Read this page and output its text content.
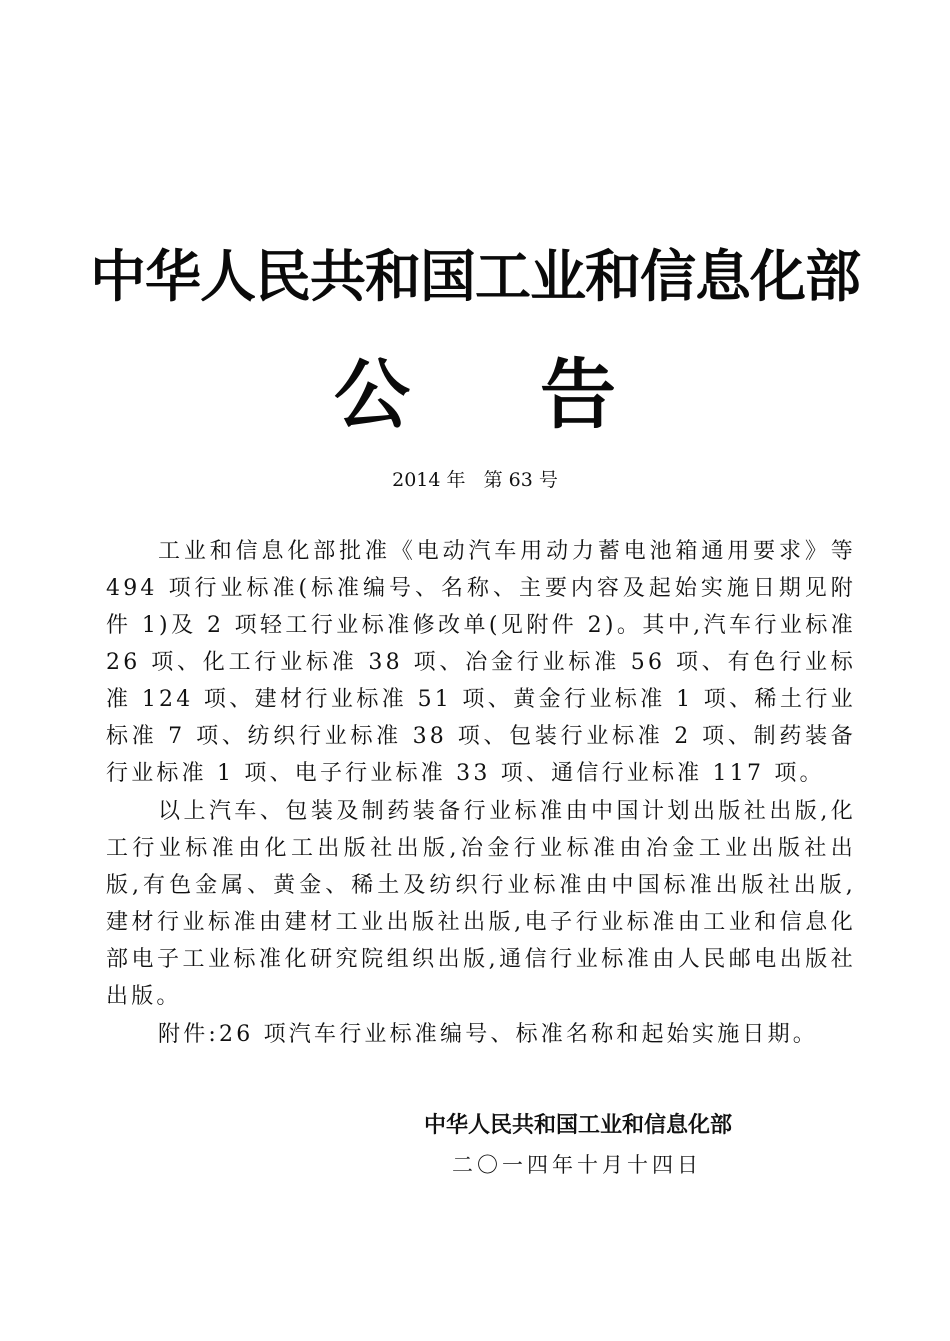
中华人民共和国工业和信息化部
公 告
2014 年   第 63 号

工业和信息化部批准《电动汽车用动力蓄电池箱通用要求》等 494 项行业标准(标准编号、名称、主要内容及起始实施日期见附件 1)及 2 项轻工行业标准修改单(见附件 2)。其中,汽车行业标准 26 项、化工行业标准 38 项、冶金行业标准 56 项、有色行业标准 124 项、建材行业标准 51 项、黄金行业标准 1 项、稀土行业标准 7 项、纺织行业标准 38 项、包装行业标准 2 项、制药装备行业标准 1 项、电子行业标准 33 项、通信行业标准 117 项。

以上汽车、包装及制药装备行业标准由中国计划出版社出版,化工行业标准由化工出版社出版,冶金行业标准由冶金工业出版社出版,有色金属、黄金、稀土及纺织行业标准由中国标准出版社出版,建材行业标准由建材工业出版社出版,电子行业标准由工业和信息化部电子工业标准化研究院组织出版,通信行业标准由人民邮电出版社出版。

附件:26 项汽车行业标准编号、标准名称和起始实施日期。

中华人民共和国工业和信息化部
二〇一四年十月十四日
